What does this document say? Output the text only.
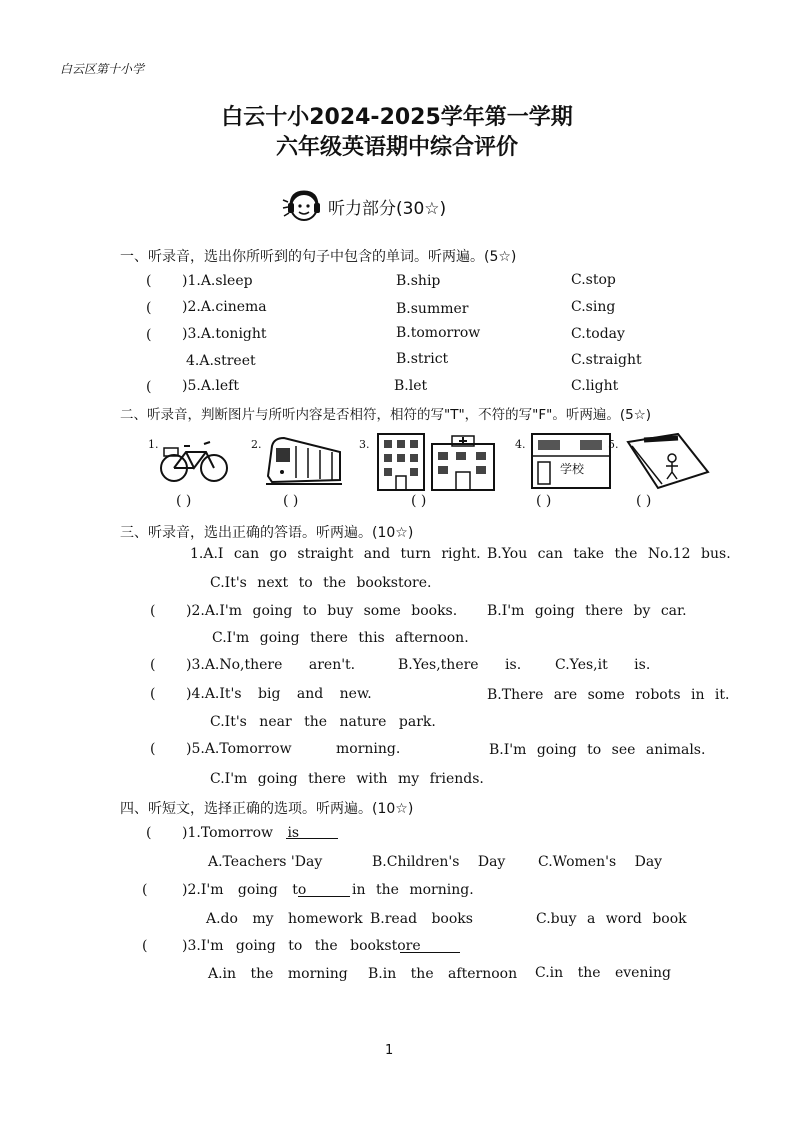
白云区第十小学
白云十小2024-2025学年第一学期
六年级英语期中综合评价
听力部分(30☆)
一、听录音，选出你所听到的句子中包含的单词。听两遍。(5☆)
( )1.A.sleep	B.ship	C.stop
( )2.A.cinema	B.summer	C.sing
( )3.A.tonight	B.tomorrow	C.today
4.A.street	B.strict	C.straight
( )5.A.left	B.let	C.light
二、听录音，判断图片与所听内容是否相符，相符的写"T"，不符的写"F"。听两遍。(5☆)
1.	2.	3.	4.
学校
5.
( )	( )	( )	( )	( )
三、听录音，选出正确的答语。听两遍。(10☆)
1.A.I can go straight and turn right. B.You can take the No.12 bus.
C.It's next to the bookstore.
( )2.A.I'm going to buy some books. B.I'm going there by car.
C.I'm going there this afternoon.
( )3.A.No,there aren't.	B.Yes,there is. C.Yes,it is.
( )4.A.It's big and new.	B.There are some robots in it.
C.It's near the nature park.
( )5.A.Tomorrow morning.	B.I'm going to see animals.
C.I'm going there with my friends.
四、听短文，选择正确的选项。听两遍。(10☆)
( )1.Tomorrow is
A.Teachers 'Day	B.Children's Day C.Women's Day
( )2.I'm going to	in the morning.
A.do my homework B.read books	C.buy a word book
( )3.I'm going to the bookstore
A.in the morning B.in the afternoon C.in the evening
1
